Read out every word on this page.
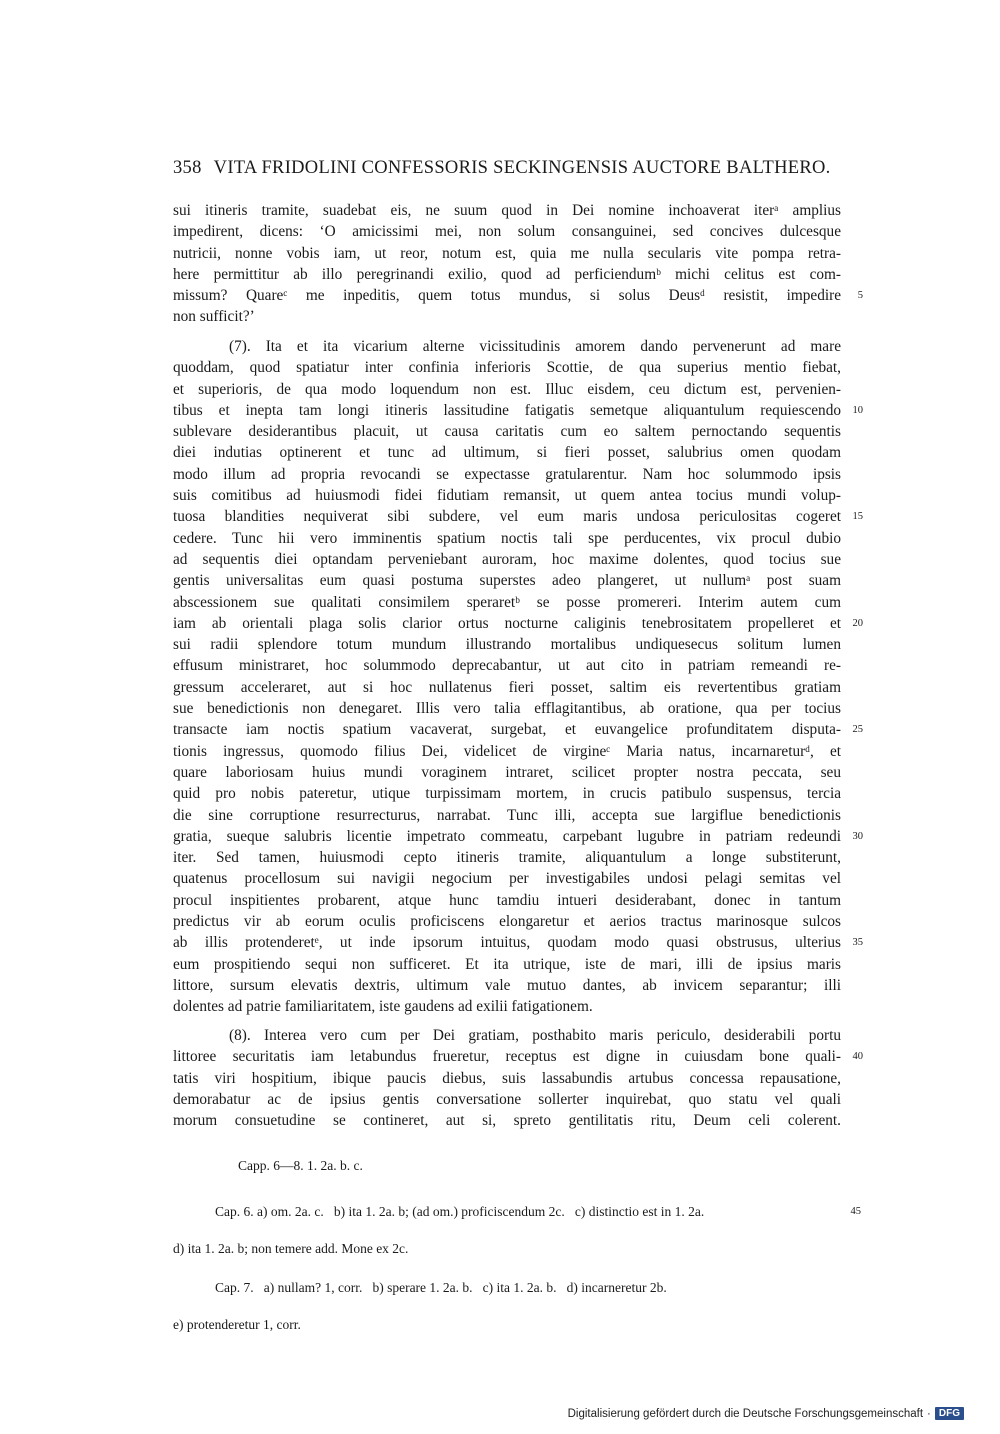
358 VITA FRIDOLINI CONFESSORIS SECKINGENSIS AUCTORE BALTHERO.
sui itineris tramite, suadebat eis, ne suum quod in Dei nomine inchoaverat iterᵃ amplius
impedirent, dicens: ‘O amicissimi mei, non solum consanguinei, sed concives dulcesque
nutricii, nonne vobis iam, ut reor, notum est, quia me nulla secularis vite pompa retra-
here permittitur ab illo peregrinandi exilio, quod ad perficiendumᵇ michi celitus est com-
missum? Quareᶜ me inpeditis, quem totus mundus, si solus Deusᵈ resistit, impedire 5
non sufficit?’
(7). Ita et ita vicarium alterne vicissitudinis amorem dando pervenerunt ad mare
quoddam, quod spatiatur inter confinia inferioris Scottie, de qua superius mentio fiebat,
et superioris, de qua modo loquendum non est. Illuc eisdem, ceu dictum est, pervenien-
tibus et inepta tam longi itineris lassitudine fatigatis semetque aliquantulum requiescendo 10
sublevare desiderantibus placuit, ut causa caritatis cum eo saltem pernoctando sequentis
diei indutias optinerent et tunc ad ultimum, si fieri posset, salubrius omen quodam
modo illum ad propria revocandi se expectasse gratularentur. Nam hoc solummodo ipsis
suis comitibus ad huiusmodi fidei fidutiam remansit, ut quem antea tocius mundi volup-
tuosa blandities nequiverat sibi subdere, vel eum maris undosa periculositas cogeret 15
cedere. Tunc hii vero imminentis spatium noctis tali spe perducentes, vix procul dubio
ad sequentis diei optandam perveniebant auroram, hoc maxime dolentes, quod tocius sue
gentis universalitas eum quasi postuma superstes adeo plangeret, ut nullumᵃ post suam
abscessionem sue qualitati consimilem speraretᵇ se posse promereri. Interim autem cum
iam ab orientali plaga solis clarior ortus nocturne caliginis tenebrositatem propelleret et 20
sui radii splendore totum mundum illustrando mortalibus undiquesecus solitum lumen
effusum ministraret, hoc solummodo deprecabantur, ut aut cito in patriam remeandi re-
gressum acceleraret, aut si hoc nullatenus fieri posset, saltim eis revertentibus gratiam
sue benedictionis non denegaret. Illis vero talia efflagitantibus, ab oratione, qua per tocius
transacte iam noctis spatium vacaverat, surgebat, et euvangelice profunditatem disputa- 25
tionis ingressus, quomodo filius Dei, videlicet de virgineᶜ Maria natus, incarnareturᵈ, et
quare laboriosam huius mundi voraginem intraret, scilicet propter nostra peccata, seu
quid pro nobis pateretur, utique turpissimam mortem, in crucis patibulo suspensus, tercia
die sine corruptione resurrecturus, narrabat. Tunc illi, accepta sue largiflue benedictionis
gratia, sueque salubris licentie impetrato commeatu, carpebant lugubre in patriam redeundi 30
iter. Sed tamen, huiusmodi cepto itineris tramite, aliquantulum a longe substiterunt,
quatenus procellosum sui navigii negocium per investigabiles undosi pelagi semitas vel
procul inspitientes probarent, atque hunc tamdiu intueri desiderabant, donec in tantum
predictus vir ab eorum oculis proficiscens elongaretur et aerios tractus marinosque sulcos
ab illis protenderetᵉ, ut inde ipsorum intuitus, quodam modo quasi obstrusus, ulterius 35
eum prospitiendo sequi non sufficeret. Et ita utrique, iste de mari, illi de ipsius maris
littore, sursum elevatis dextris, ultimum vale mutuo dantes, ab invicem separantur; illi
dolentes ad patrie familiaritatem, iste gaudens ad exilii fatigationem.
(8). Interea vero cum per Dei gratiam, posthabito maris periculo, desiderabili portu
littoree securitatis iam letabundus frueretur, receptus est digne in cuiusdam bone quali- 40
tatis viri hospitium, ibique paucis diebus, suis lassabundis artubus concessa repausatione,
demorabatur ac de ipsius gentis conversatione sollerter inquirebat, quo statu vel quali
morum consuetudine se contineret, aut si, spreto gentilitatis ritu, Deum celi colerent.
Capp. 6—8. 1. 2a. b. c.
Cap. 6. a) om. 2a. c.   b) ita 1. 2a. b; (ad om.) proficiscendum 2c.   c) distinctio est in 1. 2a.	45
d) ita 1. 2a. b; non temere add. Mone ex 2c.
Cap. 7.   a) nullam? 1, corr.   b) sperare 1. 2a. b.   c) ita 1. 2a. b.   d) incarneretur 2b.
e) protenderetur 1, corr.
Digitalisierung gefördert durch die Deutsche Forschungsgemeinschaft · DFG
